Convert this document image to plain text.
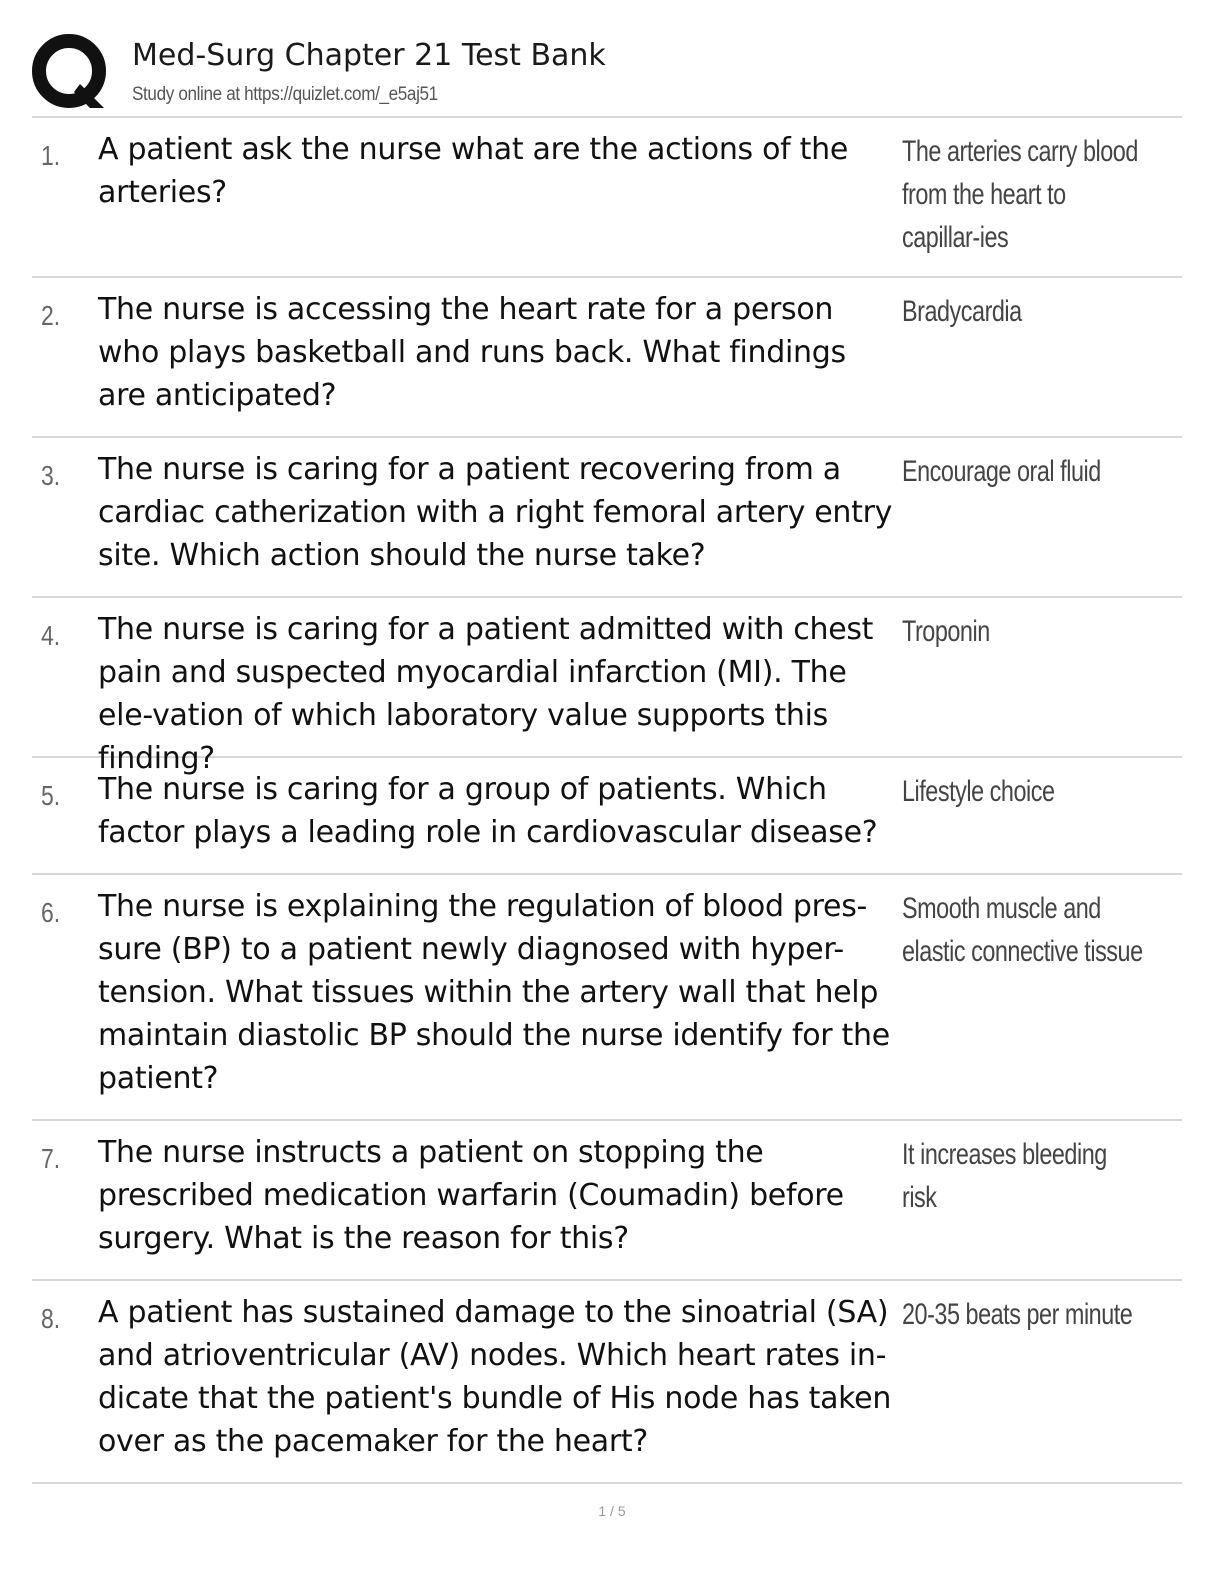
Med-Surg Chapter 21 Test Bank
Study online at https://quizlet.com/_e5aj51
1. A patient ask the nurse what are the actions of the arteries?
The arteries carry blood from the heart to capillar-ies
2. The nurse is accessing the heart rate for a person who plays basketball and runs back. What findings are anticipated?
Bradycardia
3. The nurse is caring for a patient recovering from a cardiac catherization with a right femoral artery entry site. Which action should the nurse take?
Encourage oral fluid
4. The nurse is caring for a patient admitted with chest pain and suspected myocardial infarction (MI). The ele-vation of which laboratory value supports this finding?
Troponin
5. The nurse is caring for a group of patients. Which factor plays a leading role in cardiovascular disease?
Lifestyle choice
6. The nurse is explaining the regulation of blood pres-sure (BP) to a patient newly diagnosed with hyper-tension. What tissues within the artery wall that help maintain diastolic BP should the nurse identify for the patient?
Smooth muscle and elastic connective tissue
7. The nurse instructs a patient on stopping the prescribed medication warfarin (Coumadin) before surgery. What is the reason for this?
It increases bleeding risk
8. A patient has sustained damage to the sinoatrial (SA) and atrioventricular (AV) nodes. Which heart rates in-dicate that the patient's bundle of His node has taken over as the pacemaker for the heart?
20-35 beats per minute
1 / 5
